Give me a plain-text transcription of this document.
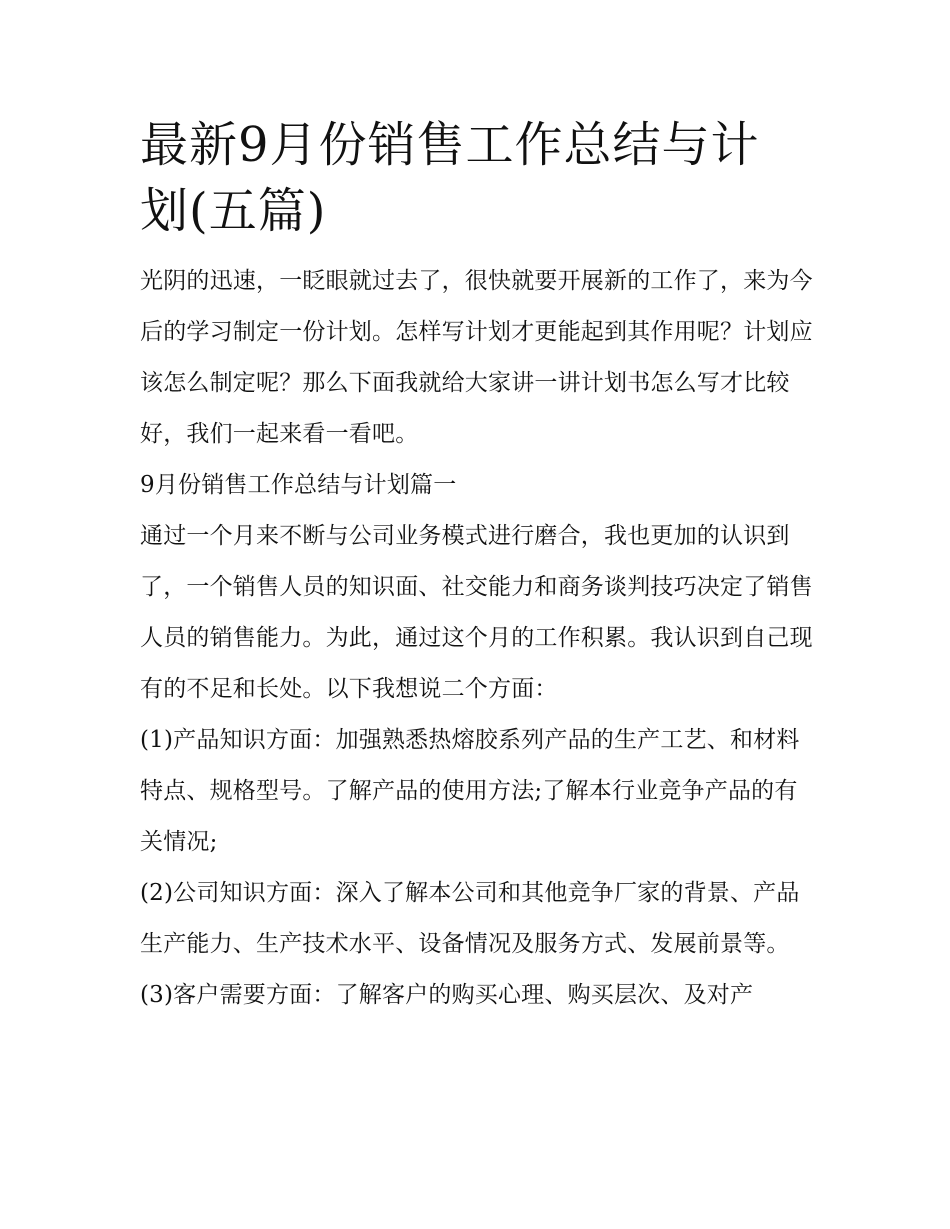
最新9月份销售工作总结与计
划(五篇)

光阴的迅速，一眨眼就过去了，很快就要开展新的工作了，来为今后的学习制定一份计划。怎样写计划才更能起到其作用呢？计划应该怎么制定呢？那么下面我就给大家讲一讲计划书怎么写才比较好，我们一起来看一看吧。

9月份销售工作总结与计划篇一

通过一个月来不断与公司业务模式进行磨合，我也更加的认识到了，一个销售人员的知识面、社交能力和商务谈判技巧决定了销售人员的销售能力。为此，通过这个月的工作积累。我认识到自己现有的不足和长处。以下我想说二个方面：

(1)产品知识方面：加强熟悉热熔胶系列产品的生产工艺、和材料特点、规格型号。了解产品的使用方法;了解本行业竞争产品的有关情况;

(2)公司知识方面：深入了解本公司和其他竞争厂家的背景、产品生产能力、生产技术水平、设备情况及服务方式、发展前景等。

(3)客户需要方面：了解客户的购买心理、购买层次、及对产
